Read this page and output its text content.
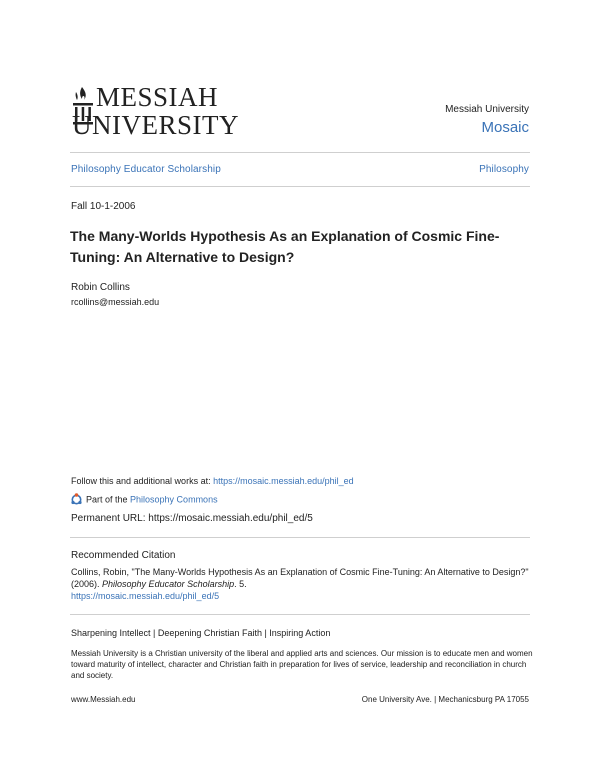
MESSIAH
UNIVERSITY
Messiah University
Mosaic
Philosophy Educator Scholarship	Philosophy
Fall 10-1-2006
The Many-Worlds Hypothesis As an Explanation of Cosmic Fine-Tuning: An Alternative to Design?
Robin Collins
rcollins@messiah.edu
Follow this and additional works at: https://mosaic.messiah.edu/phil_ed
Part of the Philosophy Commons
Permanent URL: https://mosaic.messiah.edu/phil_ed/5
Recommended Citation
Collins, Robin, "The Many-Worlds Hypothesis As an Explanation of Cosmic Fine-Tuning: An Alternative to Design?" (2006). Philosophy Educator Scholarship. 5.
https://mosaic.messiah.edu/phil_ed/5
Sharpening Intellect | Deepening Christian Faith | Inspiring Action
Messiah University is a Christian university of the liberal and applied arts and sciences. Our mission is to educate men and women toward maturity of intellect, character and Christian faith in preparation for lives of service, leadership and reconciliation in church and society.
www.Messiah.edu	One University Ave. | Mechanicsburg PA 17055
